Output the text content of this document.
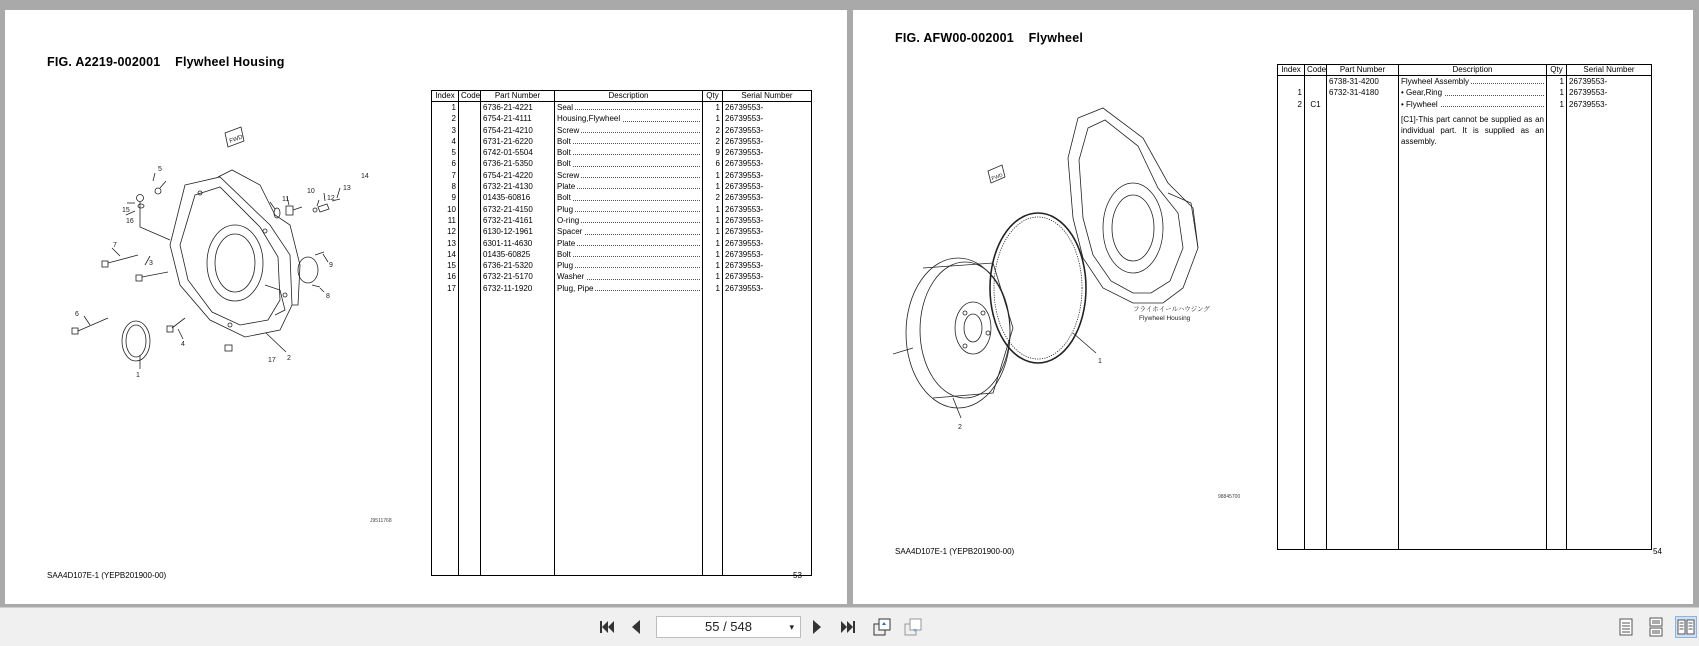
FIG. A2219-002001    Flywheel Housing
FWD
1
2
3
4
5
6
7
8
9
10
11	12
13
14
15
16
17
J9511768
Index	Code	Part Number	Description	Qty	Serial Number
1		6736-21-4221	Seal	1	26739553-
2		6754-21-4111	Housing,Flywheel	1	26739553-
3		6754-21-4210	Screw	2	26739553-
4		6731-21-6220	Bolt	2	26739553-
5		6742-01-5504	Bolt	9	26739553-
6		6736-21-5350	Bolt	6	26739553-
7		6754-21-4220	Screw	1	26739553-
8		6732-21-4130	Plate	1	26739553-
9		01435-60816	Bolt	2	26739553-
10		6732-21-4150	Plug	1	26739553-
11		6732-21-4161	O-ring	1	26739553-
12		6130-12-1961	Spacer	1	26739553-
13		6301-11-4630	Plate	1	26739553-
14		01435-60825	Bolt	1	26739553-
15		6736-21-5320	Plug	1	26739553-
16		6732-21-5170	Washer	1	26739553-
17		6732-11-1920	Plug, Pipe	1	26739553-

SAA4D107E-1 (YEPB201900-00)	53
FIG. AFW00-002001    Flywheel
FWD
1
2
フライホイールハウジング
Flywheel Housing
98845700
Index	Code	Part Number	Description	Qty	Serial Number
		6738-31-4200	Flywheel Assembly	1	26739553-
1		6732-31-4180	• Gear,Ring	1	26739553-
2	C1		• Flywheel	1	26739553-
			[C1]-This part cannot be supplied as an individual part. It is supplied as an assembly.		

SAA4D107E-1 (YEPB201900-00)	54
55 / 548	▾
